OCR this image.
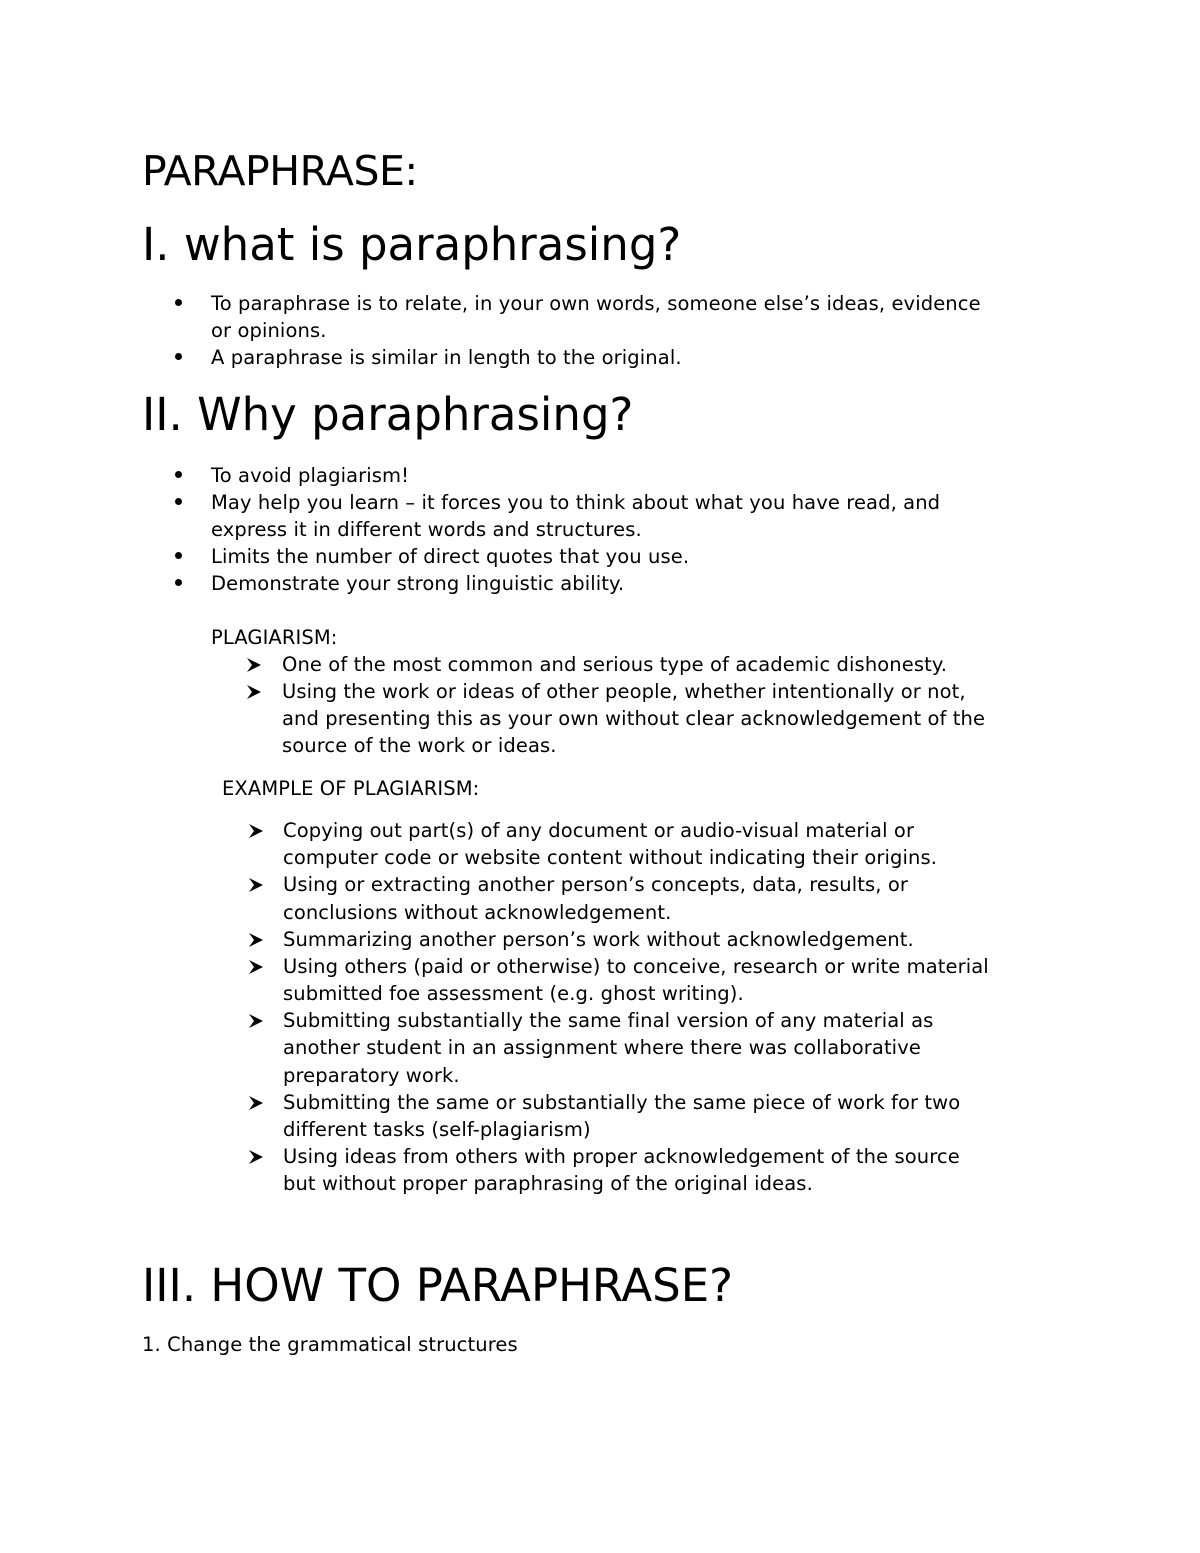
PARAPHRASE:
I. what is paraphrasing?
To paraphrase is to relate, in your own words, someone else’s ideas, evidence
or opinions.
A paraphrase is similar in length to the original.
II. Why paraphrasing?
To avoid plagiarism!
May help you learn – it forces you to think about what you have read, and
express it in different words and structures.
Limits the number of direct quotes that you use.
Demonstrate your strong linguistic ability.
PLAGIARISM:
One of the most common and serious type of academic dishonesty.
Using the work or ideas of other people, whether intentionally or not,
and presenting this as your own without clear acknowledgement of the
source of the work or ideas.
EXAMPLE OF PLAGIARISM:
Copying out part(s) of any document or audio-visual material or
computer code or website content without indicating their origins.
Using or extracting another person’s concepts, data, results, or
conclusions without acknowledgement.
Summarizing another person’s work without acknowledgement.
Using others (paid or otherwise) to conceive, research or write material
submitted foe assessment (e.g. ghost writing).
Submitting substantially the same final version of any material as
another student in an assignment where there was collaborative
preparatory work.
Submitting the same or substantially the same piece of work for two
different tasks (self-plagiarism)
Using ideas from others with proper acknowledgement of the source
but without proper paraphrasing of the original ideas.
III. HOW TO PARAPHRASE?
1. Change the grammatical structures
